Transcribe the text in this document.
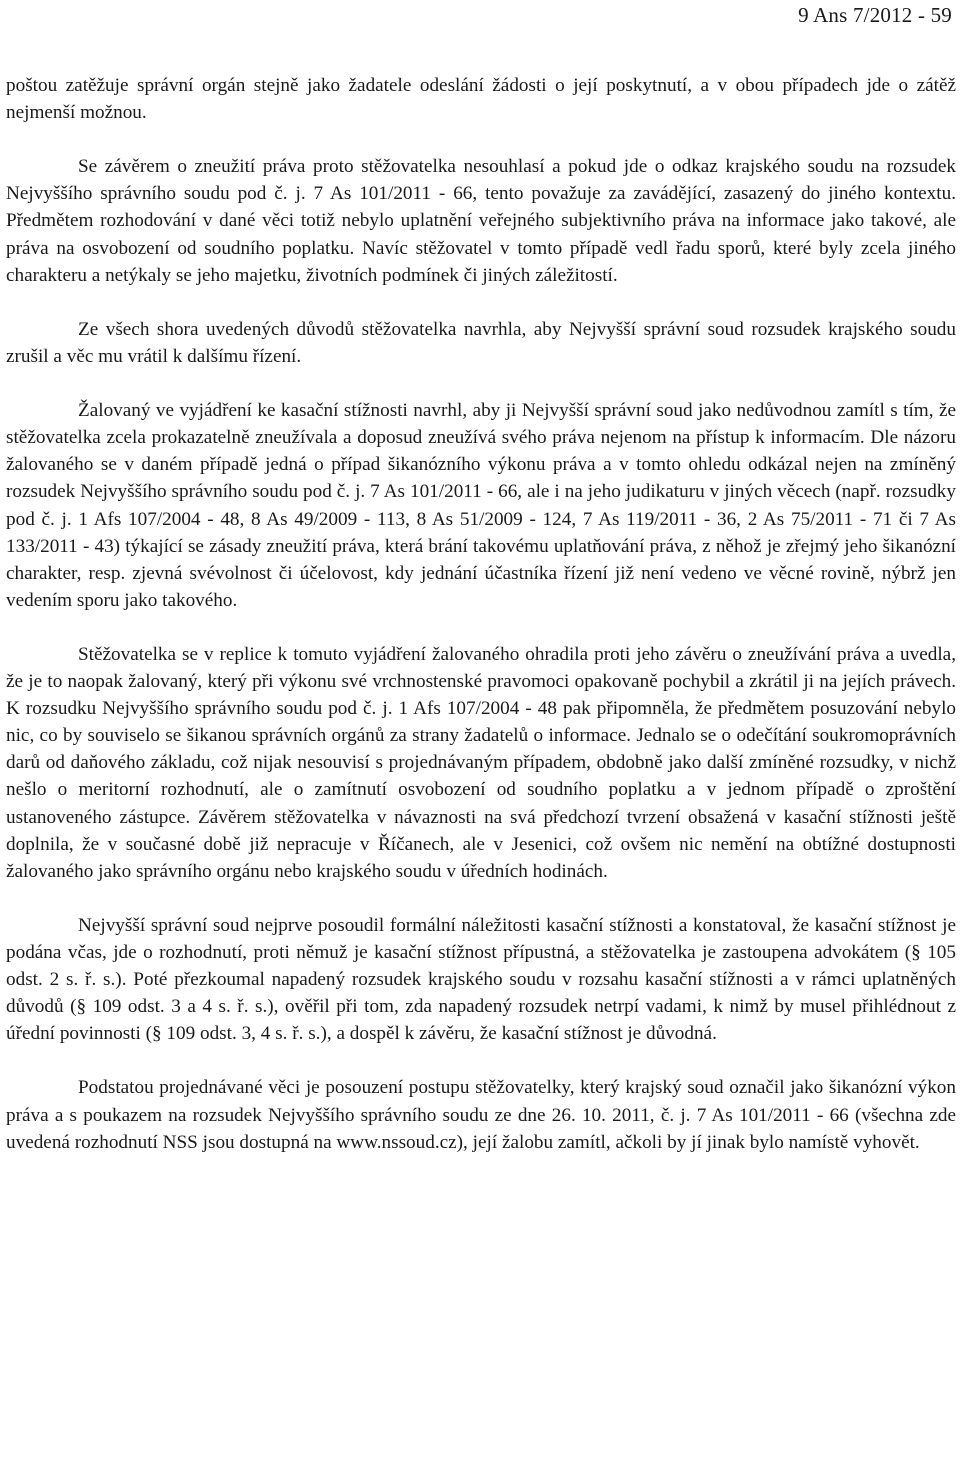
9 Ans 7/2012 - 59

poštou zatěžuje správní orgán stejně jako žadatele odeslání žádosti o její poskytnutí, a v obou případech jde o zátěž nejmenší možnou.

Se závěrem o zneužití práva proto stěžovatelka nesouhlasí a pokud jde o odkaz krajského soudu na rozsudek Nejvyššího správního soudu pod č. j. 7 As 101/2011 - 66, tento považuje za zavádějící, zasazený do jiného kontextu. Předmětem rozhodování v dané věci totiž nebylo uplatnění veřejného subjektivního práva na informace jako takové, ale práva na osvobození od soudního poplatku. Navíc stěžovatel v tomto případě vedl řadu sporů, které byly zcela jiného charakteru a netýkaly se jeho majetku, životních podmínek či jiných záležitostí.

Ze všech shora uvedených důvodů stěžovatelka navrhla, aby Nejvyšší správní soud rozsudek krajského soudu zrušil a věc mu vrátil k dalšímu řízení.

Žalovaný ve vyjádření ke kasační stížnosti navrhl, aby ji Nejvyšší správní soud jako nedůvodnou zamítl s tím, že stěžovatelka zcela prokazatelně zneužívala a doposud zneužívá svého práva nejenom na přístup k informacím. Dle názoru žalovaného se v daném případě jedná o případ šikanózního výkonu práva a v tomto ohledu odkázal nejen na zmíněný rozsudek Nejvyššího správního soudu pod č. j. 7 As 101/2011 - 66, ale i na jeho judikaturu v jiných věcech (např. rozsudky pod č. j. 1 Afs 107/2004 - 48, 8 As 49/2009 - 113, 8 As 51/2009 - 124, 7 As 119/2011 - 36, 2 As 75/2011 - 71 či 7 As 133/2011 - 43) týkající se zásady zneužití práva, která brání takovému uplatňování práva, z něhož je zřejmý jeho šikanózní charakter, resp. zjevná svévolnost či účelovost, kdy jednání účastníka řízení již není vedeno ve věcné rovině, nýbrž jen vedením sporu jako takového.

Stěžovatelka se v replice k tomuto vyjádření žalovaného ohradila proti jeho závěru o zneužívání práva a uvedla, že je to naopak žalovaný, který při výkonu své vrchnostenské pravomoci opakovaně pochybil a zkrátil ji na jejích právech. K rozsudku Nejvyššího správního soudu pod č. j. 1 Afs 107/2004 - 48 pak připomněla, že předmětem posuzování nebylo nic, co by souviselo se šikanou správních orgánů za strany žadatelů o informace. Jednalo se o odečítání soukromoprávních darů od daňového základu, což nijak nesouvisí s projednávaným případem, obdobně jako další zmíněné rozsudky, v nichž nešlo o meritorní rozhodnutí, ale o zamítnutí osvobození od soudního poplatku a v jednom případě o zproštění ustanoveného zástupce. Závěrem stěžovatelka v návaznosti na svá předchozí tvrzení obsažená v kasační stížnosti ještě doplnila, že v současné době již nepracuje v Říčanech, ale v Jesenici, což ovšem nic nemění na obtížné dostupnosti žalovaného jako správního orgánu nebo krajského soudu v úředních hodinách.

Nejvyšší správní soud nejprve posoudil formální náležitosti kasační stížnosti a konstatoval, že kasační stížnost je podána včas, jde o rozhodnutí, proti němuž je kasační stížnost přípustná, a stěžovatelka je zastoupena advokátem (§ 105 odst. 2 s. ř. s.). Poté přezkoumal napadený rozsudek krajského soudu v rozsahu kasační stížnosti a v rámci uplatněných důvodů (§ 109 odst. 3 a 4 s. ř. s.), ověřil při tom, zda napadený rozsudek netrpí vadami, k nimž by musel přihlédnout z úřední povinnosti (§ 109 odst. 3, 4 s. ř. s.), a dospěl k závěru, že kasační stížnost je důvodná.

Podstatou projednávané věci je posouzení postupu stěžovatelky, který krajský soud označil jako šikanózní výkon práva a s poukazem na rozsudek Nejvyššího správního soudu ze dne 26. 10. 2011, č. j. 7 As 101/2011 - 66 (všechna zde uvedená rozhodnutí NSS jsou dostupná na www.nssoud.cz), její žalobu zamítl, ačkoli by jí jinak bylo namístě vyhovět.
